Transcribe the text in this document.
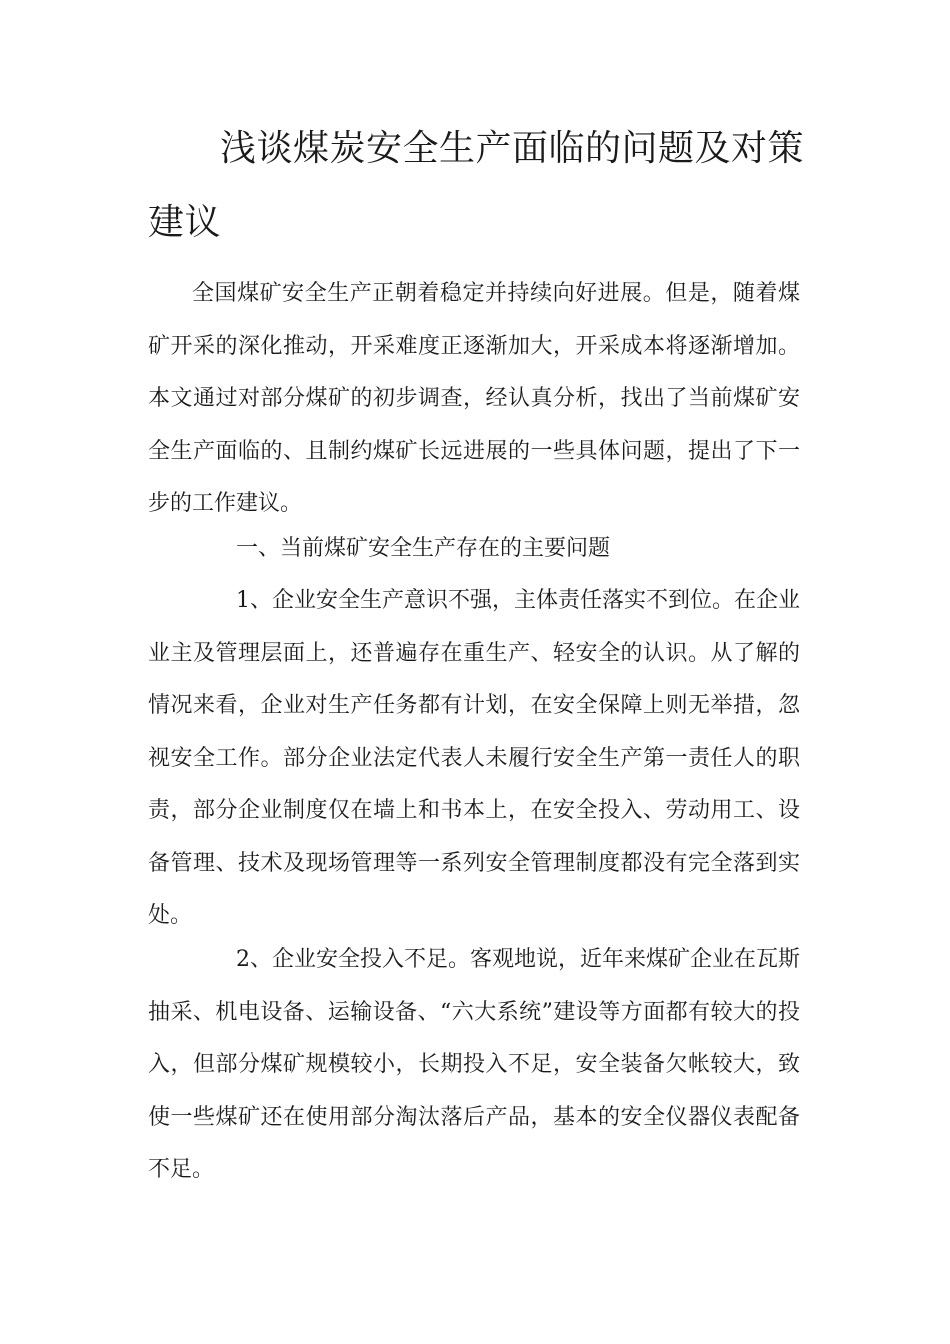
浅谈煤炭安全生产面临的问题及对策建议

全国煤矿安全生产正朝着稳定并持续向好进展。但是，随着煤矿开采的深化推动，开采难度正逐渐加大，开采成本将逐渐增加。本文通过对部分煤矿的初步调查，经认真分析，找出了当前煤矿安全生产面临的、且制约煤矿长远进展的一些具体问题，提出了下一步的工作建议。

一、当前煤矿安全生产存在的主要问题

1、企业安全生产意识不强，主体责任落实不到位。在企业业主及管理层面上，还普遍存在重生产、轻安全的认识。从了解的情况来看，企业对生产任务都有计划，在安全保障上则无举措，忽视安全工作。部分企业法定代表人未履行安全生产第一责任人的职责，部分企业制度仅在墙上和书本上，在安全投入、劳动用工、设备管理、技术及现场管理等一系列安全管理制度都没有完全落到实处。

2、企业安全投入不足。客观地说，近年来煤矿企业在瓦斯抽采、机电设备、运输设备、“六大系统”建设等方面都有较大的投入，但部分煤矿规模较小，长期投入不足，安全装备欠帐较大，致使一些煤矿还在使用部分淘汰落后产品，基本的安全仪器仪表配备不足。
